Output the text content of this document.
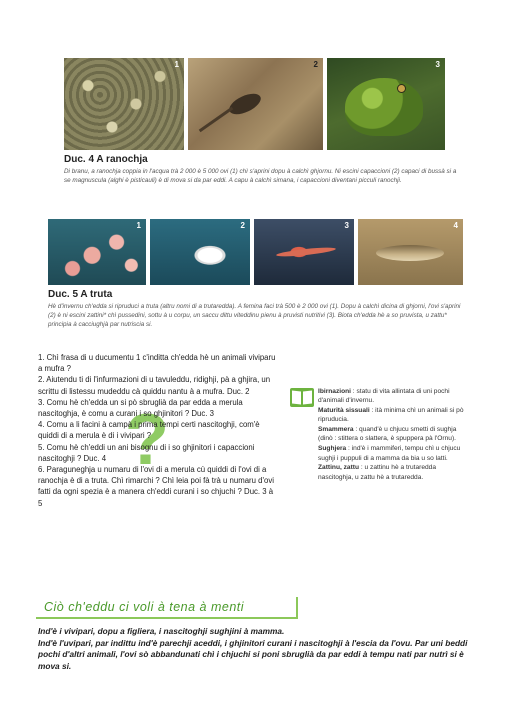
1	2	3
Duc. 4 A ranochja
Di branu, a ranochja coppia in l'acqua trà 2 000 è 5 000 ovi (1) chì s'aprini dopu à calchì ghjornu. Ni escini capaccioni (2) capaci di bussà si a se magnuscula (alghi è pisticauli) è di mova si da par eddi. A capu à calchì simana, i capaccioni diventani picculi ranochji.
1	2	3	4
Duc. 5 A truta
Hè d'invernu ch'edda si ripruduci a truta (altru nomi di a trutaredda). A femina faci trà 500 è 2 000 ovi (1). Dopu à calchì dicina di ghjorni, l'ovi s'aprini (2) è ni escini zattini* chì pussedini, sottu à u corpu, un saccu dittu viteddinu pienu à pruvisti nutritivi (3). Biota ch'edda hè a so pruvista, u zattu* principia à cacciughjà par nutriscia si.
?

1. Chì frasa di u ducumentu 1 c'inditta ch'edda hè un animali viviparu a mufra ?

2. Aiutendu ti di l'infurmazioni di u tavuleddu, ridighji, pà a ghjira, un scrittu di listessu mudeddu cà quiddu nantu à a mufra. Duc. 2

3. Comu hè ch'edda un si pò sbruglià da par edda a merula nascitoghja, è comu a curani i so ghjinitori ? Duc. 3

4. Comu a li facini à campà i prima tempi certi nascitoghji, com'è quiddi di a merula è di i vivipari ?

5. Comu hè ch'eddi un ani bisognu di i so ghjinitori i capaccioni nascitoghji ? Duc. 4

6. Paraguneghja u numaru di l'ovi di a merula cù quiddi di l'ovi di a ranochja è di a truta. Chì rimarchi ? Chì leia poi fà trà u numaru d'ovi fatti da ogni spezia è a manera ch'eddi curani i so chjuchi ? Duc. 3 à 5

Ibirnazioni : statu di vita allintata di uni pochi d'animali d'invernu.

Maturità sissuali : ità minima chì un animali si pò ripruducia.

Smammera : quand'è u chjucu smetti di sughja (dinò : stittera o slattera, è spuppera pà l'Ornu).

Sughjera : ind'è i mammiferi, tempu chì u chjucu sughji i puppuli di a mamma da bia u so latti.

Zattinu, zattu : u zattinu hè a trutaredda nascitoghja, u zattu hè a trutaredda.

Ciò ch'eddu ci voli à tena à menti

Ind'è i vivipari, dopu a figliera, i nascitoghji sughjini à mamma.

Ind'è l'uvipari, par indittu ind'è parechji aceddi, i ghjinitori curani i nascitoghji à l'escia da l'ovu. Par uni beddi pochi d'altri animali, l'ovi sò abbandunati chì i chjuchi si poni sbruglià da par eddi à tempu nati par nutrì si è mova si.
